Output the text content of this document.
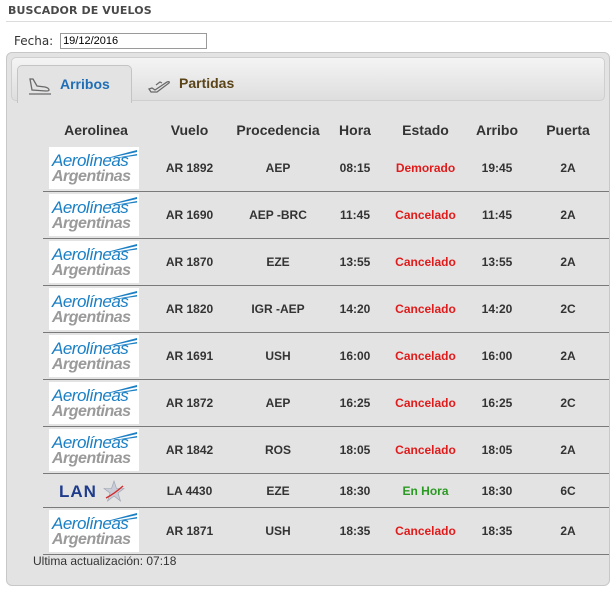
BUSCADOR DE VUELOS
Fecha: 19/12/2016
Arribos	Partidas
Aerolinea	Vuelo	Procedencia	Hora	Estado	Arribo	Puerta

Aerolíneas
Argentinas	AR 1892	AEP	08:15	Demorado	19:45	2A

Aerolíneas
Argentinas	AR 1690	AEP -BRC	11:45	Cancelado	11:45	2A

Aerolíneas
Argentinas	AR 1870	EZE	13:55	Cancelado	13:55	2A

Aerolíneas
Argentinas	AR 1820	IGR -AEP	14:20	Cancelado	14:20	2C

Aerolíneas
Argentinas	AR 1691	USH	16:00	Cancelado	16:00	2A

Aerolíneas
Argentinas	AR 1872	AEP	16:25	Cancelado	16:25	2C

Aerolíneas
Argentinas	AR 1842	ROS	18:05	Cancelado	18:05	2A

LAN	LA 4430	EZE	18:30	En Hora	18:30	6C

Aerolíneas
Argentinas	AR 1871	USH	18:35	Cancelado	18:35	2A
Ultima actualización: 07:18
